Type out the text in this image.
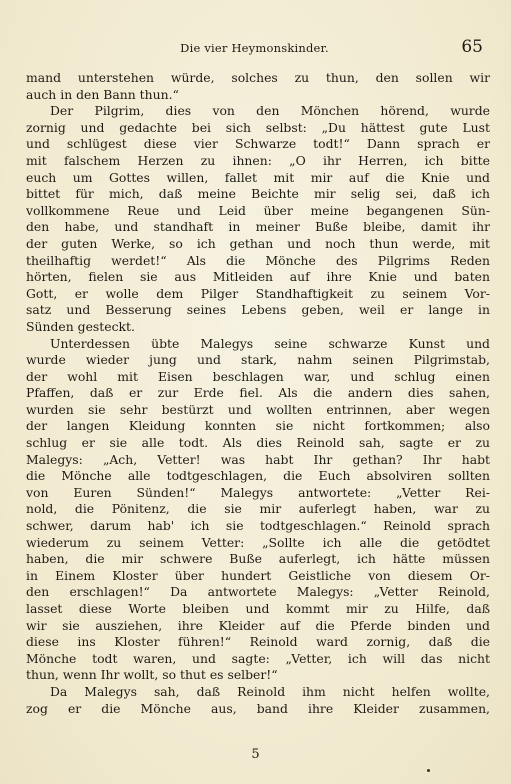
Die vier Heymonskinder.	65
mand unterstehen würde, solches zu thun, den sollen wir
auch in den Bann thun.“
Der Pilgrim, dies von den Mönchen hörend, wurde
zornig und gedachte bei sich selbst: „Du hättest gute Lust
und schlügest diese vier Schwarze todt!“ Dann sprach er
mit falschem Herzen zu ihnen: „O ihr Herren, ich bitte
euch um Gottes willen, fallet mit mir auf die Knie und
bittet für mich, daß meine Beichte mir selig sei, daß ich
vollkommene Reue und Leid über meine begangenen Sün-
den habe, und standhaft in meiner Buße bleibe, damit ihr
der guten Werke, so ich gethan und noch thun werde, mit
theilhaftig werdet!“ Als die Mönche des Pilgrims Reden
hörten, fielen sie aus Mitleiden auf ihre Knie und baten
Gott, er wolle dem Pilger Standhaftigkeit zu seinem Vor-
satz und Besserung seines Lebens geben, weil er lange in
Sünden gesteckt.
Unterdessen übte Malegys seine schwarze Kunst und
wurde wieder jung und stark, nahm seinen Pilgrimstab,
der wohl mit Eisen beschlagen war, und schlug einen
Pfaffen, daß er zur Erde fiel. Als die andern dies sahen,
wurden sie sehr bestürzt und wollten entrinnen, aber wegen
der langen Kleidung konnten sie nicht fortkommen; also
schlug er sie alle todt. Als dies Reinold sah, sagte er zu
Malegys: „Ach, Vetter! was habt Ihr gethan? Ihr habt
die Mönche alle todtgeschlagen, die Euch absolviren sollten
von Euren Sünden!“ Malegys antwortete: „Vetter Rei-
nold, die Pönitenz, die sie mir auferlegt haben, war zu
schwer, darum hab' ich sie todtgeschlagen.“ Reinold sprach
wiederum zu seinem Vetter: „Sollte ich alle die getödtet
haben, die mir schwere Buße auferlegt, ich hätte müssen
in Einem Kloster über hundert Geistliche von diesem Or-
den erschlagen!“ Da antwortete Malegys: „Vetter Reinold,
lasset diese Worte bleiben und kommt mir zu Hilfe, daß
wir sie ausziehen, ihre Kleider auf die Pferde binden und
diese ins Kloster führen!“ Reinold ward zornig, daß die
Mönche todt waren, und sagte: „Vetter, ich will das nicht
thun, wenn Ihr wollt, so thut es selber!“
Da Malegys sah, daß Reinold ihm nicht helfen wollte,
zog er die Mönche aus, band ihre Kleider zusammen,
5
